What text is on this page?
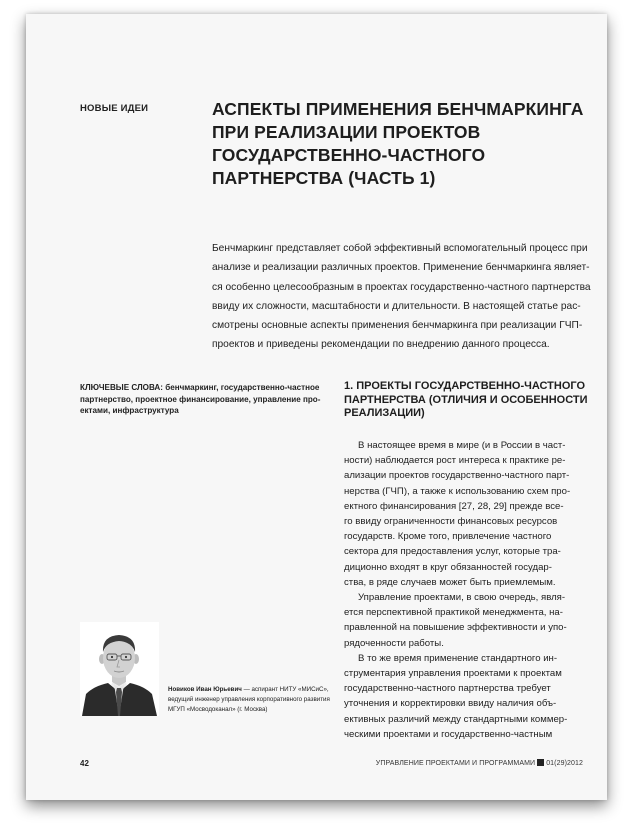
НОВЫЕ ИДЕИ	АСПЕКТЫ ПРИМЕНЕНИЯ БЕНЧМАРКИНГА
ПРИ РЕАЛИЗАЦИИ ПРОЕКТОВ
ГОСУДАРСТВЕННО-ЧАСТНОГО
ПАРТНЕРСТВА (ЧАСТЬ 1)
Бенчмаркинг представляет собой эффективный вспомогательный процесс при
анализе и реализации различных проектов. Применение бенчмаркинга являет-
ся особенно целесообразным в проектах государственно-частного партнерства
ввиду их сложности, масштабности и длительности. В настоящей статье рас-
смотрены основные аспекты применения бенчмаркинга при реализации ГЧП-
проектов и приведены рекомендации по внедрению данного процесса.
КЛЮЧЕВЫЕ СЛОВА: бенчмаркинг, государственно-частное
партнерство, проектное финансирование, управление про-
ектами, инфраструктура
1. ПРОЕКТЫ ГОСУДАРСТВЕННО-ЧАСТНОГО
ПАРТНЕРСТВА (ОТЛИЧИЯ И ОСОБЕННОСТИ
РЕАЛИЗАЦИИ)
В настоящее время в мире (и в России в част-
ности) наблюдается рост интереса к практике ре-
ализации проектов государственно-частного парт-
нерства (ГЧП), а также к использованию схем про-
ектного финансирования [27, 28, 29] прежде все-
го ввиду ограниченности финансовых ресурсов
государств. Кроме того, привлечение частного
сектора для предоставления услуг, которые тра-
диционно входят в круг обязанностей государ-
ства, в ряде случаев может быть приемлемым.
Управление проектами, в свою очередь, явля-
ется перспективной практикой менеджмента, на-
правленной на повышение эффективности и упо-
рядоченности работы.
В то же время применение стандартного ин-
струментария управления проектами к проектам
государственно-частного партнерства требует
уточнения и корректировки ввиду наличия объ-
ективных различий между стандартными коммер-
ческими проектами и государственно-частным
Новиков Иван Юрьевич — аспирант НИТУ «МИСиС»,
ведущий инженер управления корпоративного развития
МГУП «Мосводоканал» (г. Москва)
42	УПРАВЛЕНИЕ ПРОЕКТАМИ И ПРОГРАММАМИ 01(29)2012
